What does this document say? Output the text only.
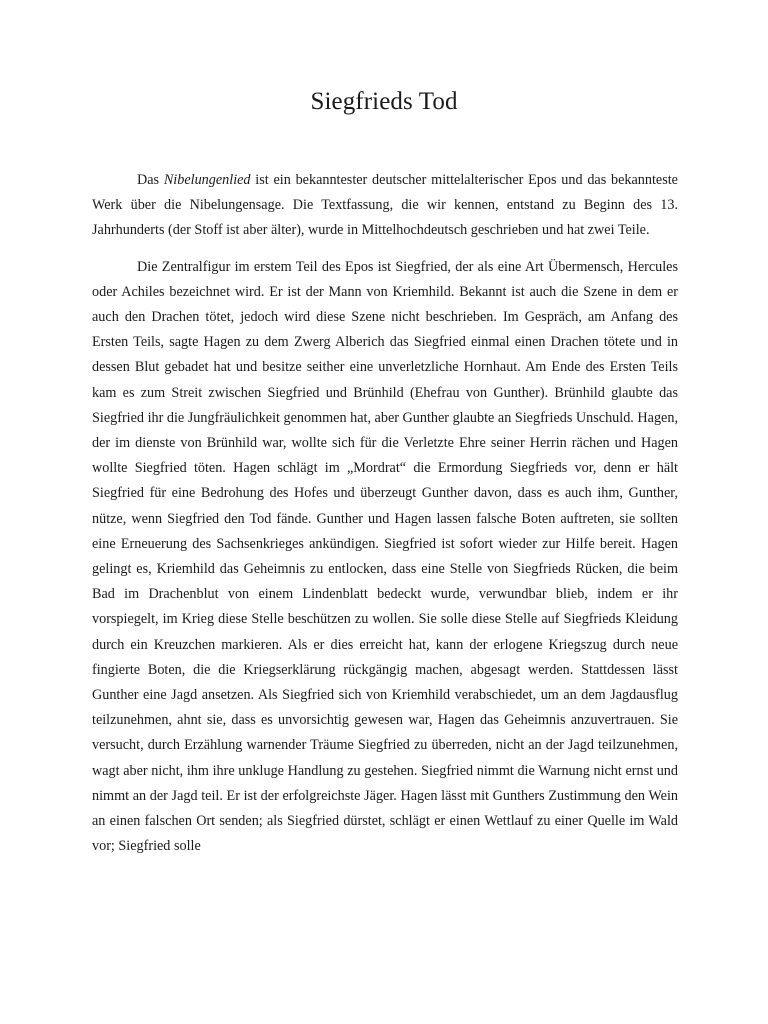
Siegfrieds Tod

Das Nibelungenlied ist ein bekanntester deutscher mittelalterischer Epos und das bekannteste Werk über die Nibelungensage. Die Textfassung, die wir kennen, entstand zu Beginn des 13. Jahrhunderts (der Stoff ist aber älter), wurde in Mittelhochdeutsch geschrieben und hat zwei Teile.

Die Zentralfigur im erstem Teil des Epos ist Siegfried, der als eine Art Übermensch, Hercules oder Achiles bezeichnet wird. Er ist der Mann von Kriemhild. Bekannt ist auch die Szene in dem er auch den Drachen tötet, jedoch wird diese Szene nicht beschrieben. Im Gespräch, am Anfang des Ersten Teils, sagte Hagen zu dem Zwerg Alberich das Siegfried einmal einen Drachen tötete und in dessen Blut gebadet hat und besitze seither eine unverletzliche Hornhaut. Am Ende des Ersten Teils kam es zum Streit zwischen Siegfried und Brünhild (Ehefrau von Gunther). Brünhild glaubte das Siegfried ihr die Jungfräulichkeit genommen hat, aber Gunther glaubte an Siegfrieds Unschuld. Hagen, der im dienste von Brünhild war, wollte sich für die Verletzte Ehre seiner Herrin rächen und Hagen wollte Siegfried töten. Hagen schlägt im „Mordrat“ die Ermordung Siegfrieds vor, denn er hält Siegfried für eine Bedrohung des Hofes und überzeugt Gunther davon, dass es auch ihm, Gunther, nütze, wenn Siegfried den Tod fände. Gunther und Hagen lassen falsche Boten auftreten, sie sollten eine Erneuerung des Sachsenkrieges ankündigen. Siegfried ist sofort wieder zur Hilfe bereit. Hagen gelingt es, Kriemhild das Geheimnis zu entlocken, dass eine Stelle von Siegfrieds Rücken, die beim Bad im Drachenblut von einem Lindenblatt bedeckt wurde, verwundbar blieb, indem er ihr vorspiegelt, im Krieg diese Stelle beschützen zu wollen. Sie solle diese Stelle auf Siegfrieds Kleidung durch ein Kreuzchen markieren. Als er dies erreicht hat, kann der erlogene Kriegszug durch neue fingierte Boten, die die Kriegserklärung rückgängig machen, abgesagt werden. Stattdessen lässt Gunther eine Jagd ansetzen. Als Siegfried sich von Kriemhild verabschiedet, um an dem Jagdausflug teilzunehmen, ahnt sie, dass es unvorsichtig gewesen war, Hagen das Geheimnis anzuvertrauen. Sie versucht, durch Erzählung warnender Träume Siegfried zu überreden, nicht an der Jagd teilzunehmen, wagt aber nicht, ihm ihre unkluge Handlung zu gestehen. Siegfried nimmt die Warnung nicht ernst und nimmt an der Jagd teil. Er ist der erfolgreichste Jäger. Hagen lässt mit Gunthers Zustimmung den Wein an einen falschen Ort senden; als Siegfried dürstet, schlägt er einen Wettlauf zu einer Quelle im Wald vor; Siegfried solle
